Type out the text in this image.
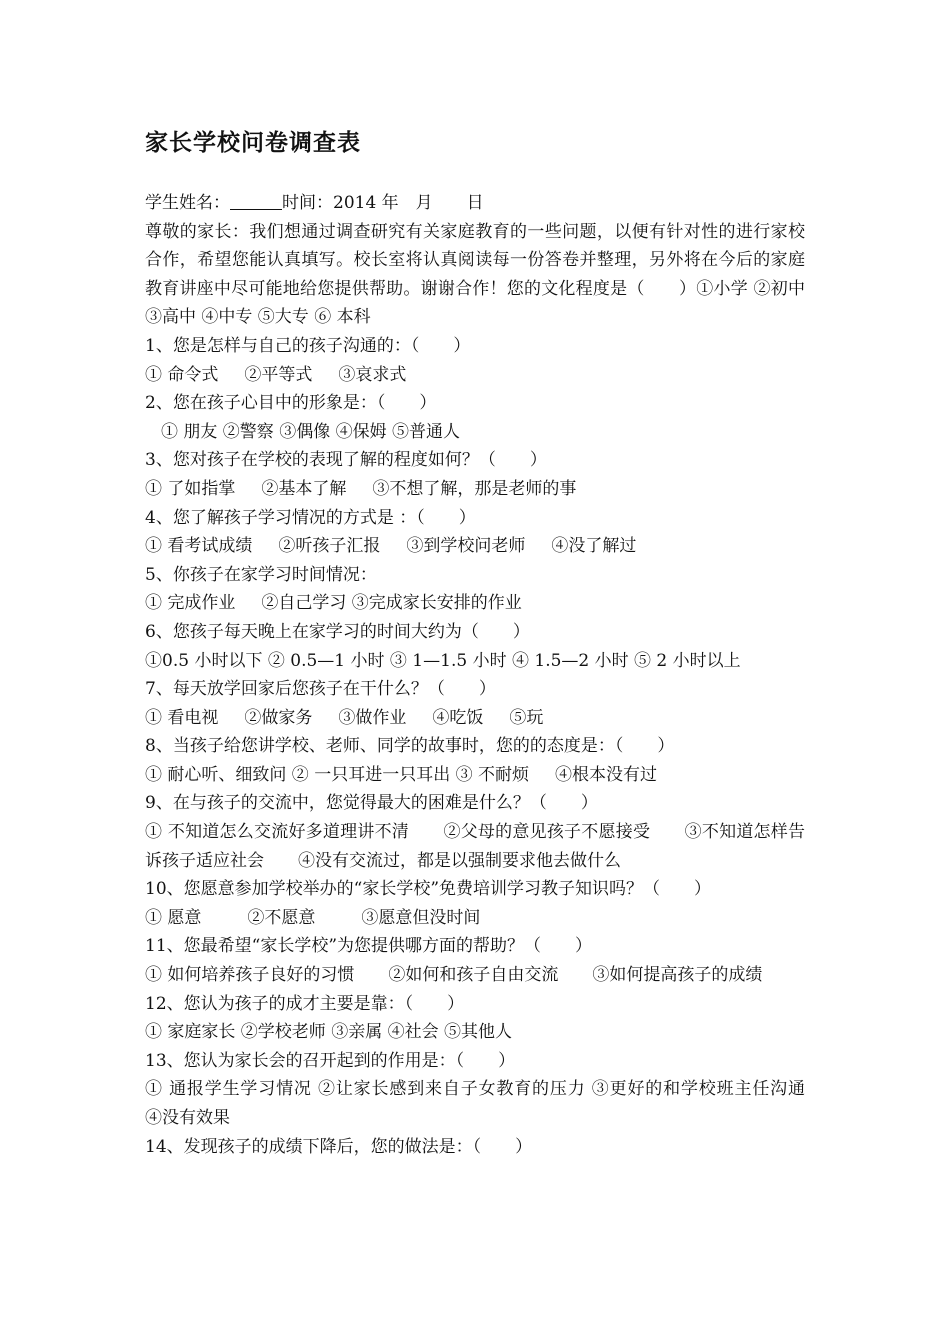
家长学校问卷调查表
学生姓名：	时间：2014 年　月　　日
尊敬的家长：我们想通过调查研究有关家庭教育的一些问题，以便有针对性的进行家校合作，希望您能认真填写。校长室将认真阅读每一份答卷并整理，另外将在今后的家庭教育讲座中尽可能地给您提供帮助。谢谢合作！您的文化程度是（　　）①小学 ②初中 ③高中 ④中专 ⑤大专 ⑥ 本科
1、您是怎样与自己的孩子沟通的：（　　）
① 命令式 ②平等式 ③哀求式
2、您在孩子心目中的形象是：（　　）
① 朋友 ②警察 ③偶像 ④保姆 ⑤普通人
3、您对孩子在学校的表现了解的程度如何？（　　）
① 了如指掌 ②基本了解 ③不想了解，那是老师的事
4、您了解孩子学习情况的方式是 ：（　　）
① 看考试成绩 ②听孩子汇报 ③到学校问老师 ④没了解过
5、你孩子在家学习时间情况：
① 完成作业 ②自己学习 ③完成家长安排的作业
6、您孩子每天晚上在家学习的时间大约为（　　）
①0.5 小时以下 ② 0.5—1 小时 ③ 1—1.5 小时 ④ 1.5—2 小时 ⑤ 2 小时以上
7、每天放学回家后您孩子在干什么？（　　）
① 看电视 ②做家务 ③做作业 ④吃饭 ⑤玩
8、当孩子给您讲学校、老师、同学的故事时，您的的态度是：（　　）
① 耐心听、细致问 ② 一只耳进一只耳出 ③ 不耐烦 ④根本没有过
9、在与孩子的交流中，您觉得最大的困难是什么？（　　）
① 不知道怎么交流好多道理讲不清　　②父母的意见孩子不愿接受　　③不知道怎样告诉孩子适应社会　　④没有交流过，都是以强制要求他去做什么
10、您愿意参加学校举办的“家长学校”免费培训学习教子知识吗？（　　）
① 愿意	②不愿意	③愿意但没时间
11、您最希望“家长学校”为您提供哪方面的帮助？（　　）
① 如何培养孩子良好的习惯　　②如何和孩子自由交流　　③如何提高孩子的成绩
12、您认为孩子的成才主要是靠：（　　）
① 家庭家长 ②学校老师 ③亲属 ④社会 ⑤其他人
13、您认为家长会的召开起到的作用是：（　　）
① 通报学生学习情况 ②让家长感到来自子女教育的压力 ③更好的和学校班主任沟通　　④没有效果
14、发现孩子的成绩下降后，您的做法是：（　　）
